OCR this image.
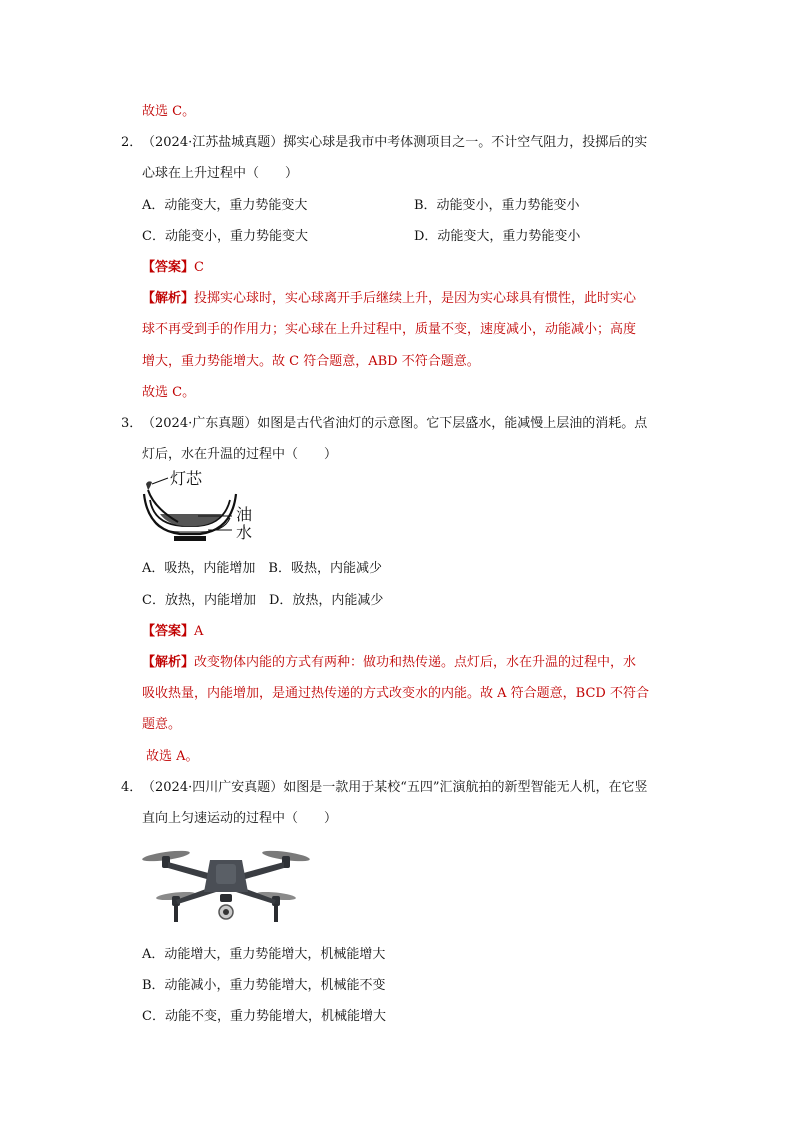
故选 C。
2． （2024·江苏盐城真题）掷实心球是我市中考体测项目之一。不计空气阻力，投掷后的实
心球在上升过程中（　　）
A．动能变大，重力势能变大	B．动能变小，重力势能变小
C．动能变小，重力势能变大	D．动能变大，重力势能变小
【答案】C
【解析】投掷实心球时，实心球离开手后继续上升，是因为实心球具有惯性，此时实心
球不再受到手的作用力；实心球在上升过程中，质量不变，速度减小，动能减小；高度
增大，重力势能增大。故 C 符合题意，ABD 不符合题意。
故选 C。
3． （2024·广东真题）如图是古代省油灯的示意图。它下层盛水，能减慢上层油的消耗。点
灯后，水在升温的过程中（　　）
灯芯
油
水
A．吸热，内能增加　B．吸热，内能减少
C．放热，内能增加　D．放热，内能减少
【答案】A
【解析】改变物体内能的方式有两种：做功和热传递。点灯后，水在升温的过程中，水
吸收热量，内能增加，是通过热传递的方式改变水的内能。故 A 符合题意，BCD 不符合
题意。
故选 A。
4． （2024·四川广安真题）如图是一款用于某校“五四”汇演航拍的新型智能无人机，在它竖
直向上匀速运动的过程中（　　）
A．动能增大，重力势能增大，机械能增大
B．动能减小，重力势能增大，机械能不变
C．动能不变，重力势能增大，机械能增大
